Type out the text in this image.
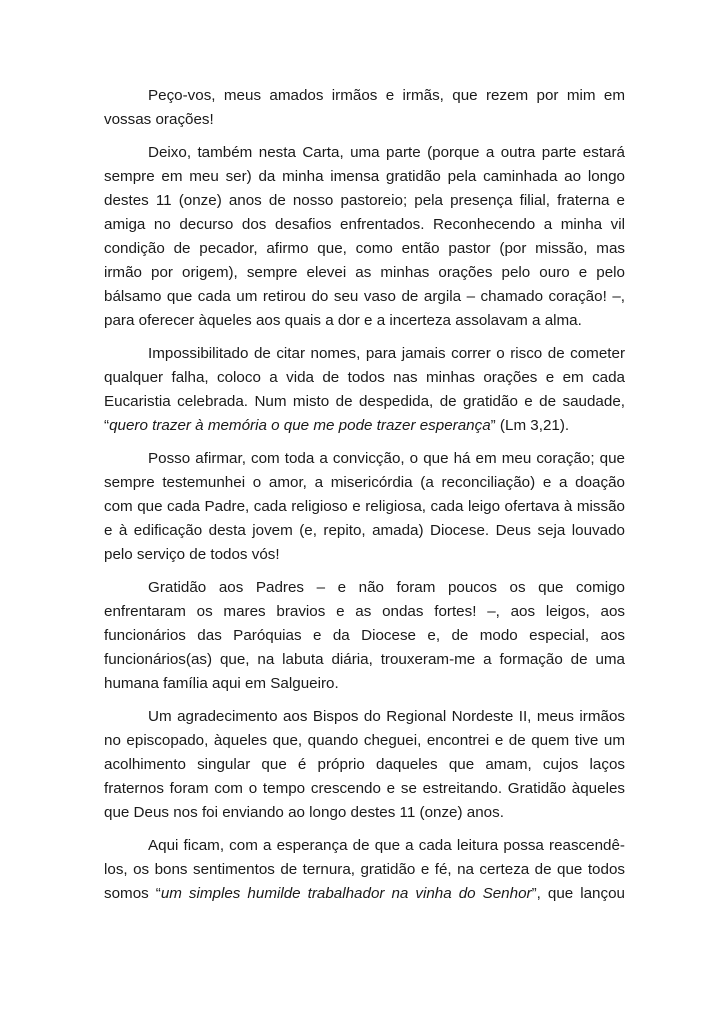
Peço-vos, meus amados irmãos e irmãs, que rezem por mim em
vossas orações!
Deixo, também nesta Carta, uma parte (porque a outra parte estará
sempre em meu ser) da minha imensa gratidão pela caminhada ao longo
destes 11 (onze) anos de nosso pastoreio; pela presença filial, fraterna e
amiga no decurso dos desafios enfrentados. Reconhecendo a minha vil
condição de pecador, afirmo que, como então pastor (por missão, mas
irmão por origem), sempre elevei as minhas orações pelo ouro e pelo
bálsamo que cada um retirou do seu vaso de argila – chamado coração! –,
para oferecer àqueles aos quais a dor e a incerteza assolavam a alma.
Impossibilitado de citar nomes, para jamais correr o risco de cometer
qualquer falha, coloco a vida de todos nas minhas orações e em cada
Eucaristia celebrada. Num misto de despedida, de gratidão e de saudade,
“quero trazer à memória o que me pode trazer esperança” (Lm 3,21).
Posso afirmar, com toda a convicção, o que há em meu coração; que
sempre testemunhei o amor, a misericórdia (a reconciliação) e a doação
com que cada Padre, cada religioso e religiosa, cada leigo ofertava à missão
e à edificação desta jovem (e, repito, amada) Diocese. Deus seja louvado
pelo serviço de todos vós!
Gratidão aos Padres – e não foram poucos os que comigo
enfrentaram os mares bravios e as ondas fortes! –, aos leigos, aos
funcionários das Paróquias e da Diocese e, de modo especial, aos
funcionários(as) que, na labuta diária, trouxeram-me a formação de uma
humana família aqui em Salgueiro.
Um agradecimento aos Bispos do Regional Nordeste II, meus irmãos
no episcopado, àqueles que, quando cheguei, encontrei e de quem tive um
acolhimento singular que é próprio daqueles que amam, cujos laços
fraternos foram com o tempo crescendo e se estreitando. Gratidão àqueles
que Deus nos foi enviando ao longo destes 11 (onze) anos.
Aqui ficam, com a esperança de que a cada leitura possa reascendê-
los, os bons sentimentos de ternura, gratidão e fé, na certeza de que todos
somos “um simples humilde trabalhador na vinha do Senhor”, que lançou
